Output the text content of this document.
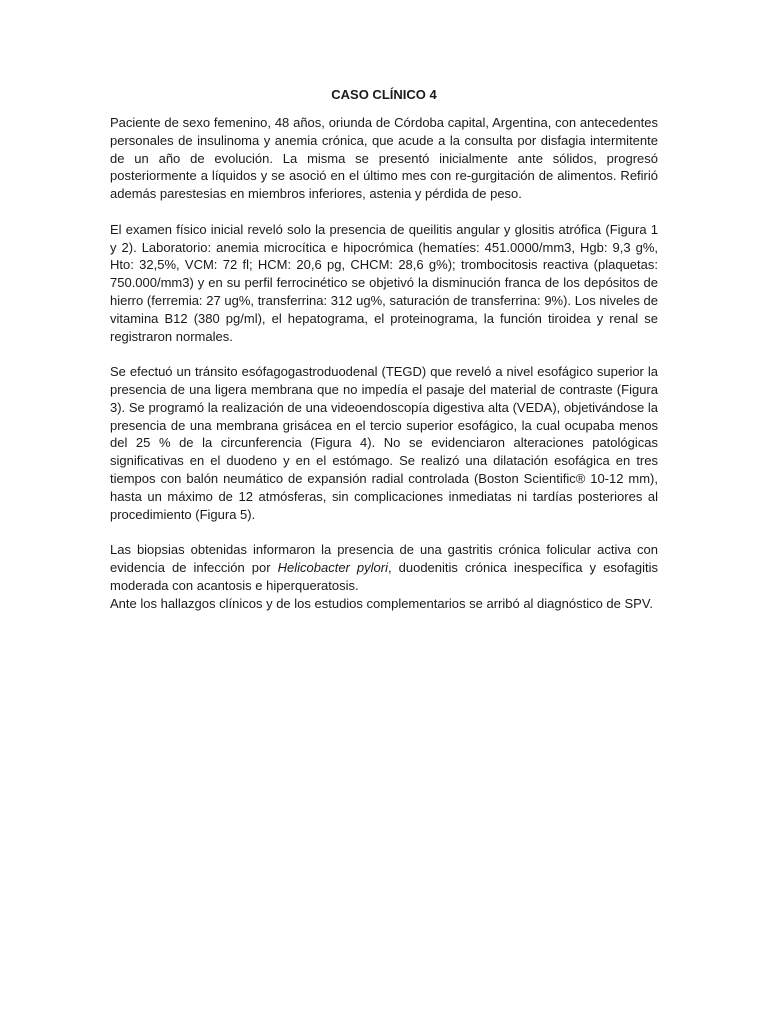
CASO CLÍNICO 4

Paciente de sexo femenino, 48 años, oriunda de Córdoba capital, Argentina, con antecedentes personales de insulinoma y anemia crónica, que acude a la consulta por disfagia intermitente de un año de evolución. La misma se presentó inicialmente ante sólidos, progresó posteriormente a líquidos y se asoció en el último mes con re-gurgitación de alimentos. Refirió además parestesias en miembros inferiores, astenia y pérdida de peso.

El examen físico inicial reveló solo la presencia de queilitis angular y glositis atrófica (Figura 1 y 2). Laboratorio: anemia microcítica e hipocrómica (hematíes: 451.0000/mm3, Hgb: 9,3 g%, Hto: 32,5%, VCM: 72 fl; HCM: 20,6 pg, CHCM: 28,6 g%); trombocitosis reactiva (plaquetas: 750.000/mm3) y en su perfil ferrocinético se objetivó la disminución franca de los depósitos de hierro (ferremia: 27 ug%, transferrina: 312 ug%, saturación de transferrina: 9%). Los niveles de vitamina B12 (380 pg/ml), el hepatograma, el proteinograma, la función tiroidea y renal se registraron normales.

Se efectuó un tránsito esófagogastroduodenal (TEGD) que reveló a nivel esofágico superior la presencia de una ligera membrana que no impedía el pasaje del material de contraste (Figura 3). Se programó la realización de una videoendoscopía digestiva alta (VEDA), objetivándose la presencia de una membrana grisácea en el tercio superior esofágico, la cual ocupaba menos del 25 % de la circunferencia (Figura 4). No se evidenciaron alteraciones patológicas significativas en el duodeno y en el estómago. Se realizó una dilatación esofágica en tres tiempos con balón neumático de expansión radial controlada (Boston Scientific® 10-12 mm), hasta un máximo de 12 atmósferas, sin complicaciones inmediatas ni tardías posteriores al procedimiento (Figura 5).

Las biopsias obtenidas informaron la presencia de una gastritis crónica folicular activa con evidencia de infección por Helicobacter pylori, duodenitis crónica inespecífica y esofagitis moderada con acantosis e hiperqueratosis.

Ante los hallazgos clínicos y de los estudios complementarios se arribó al diagnóstico de SPV.
